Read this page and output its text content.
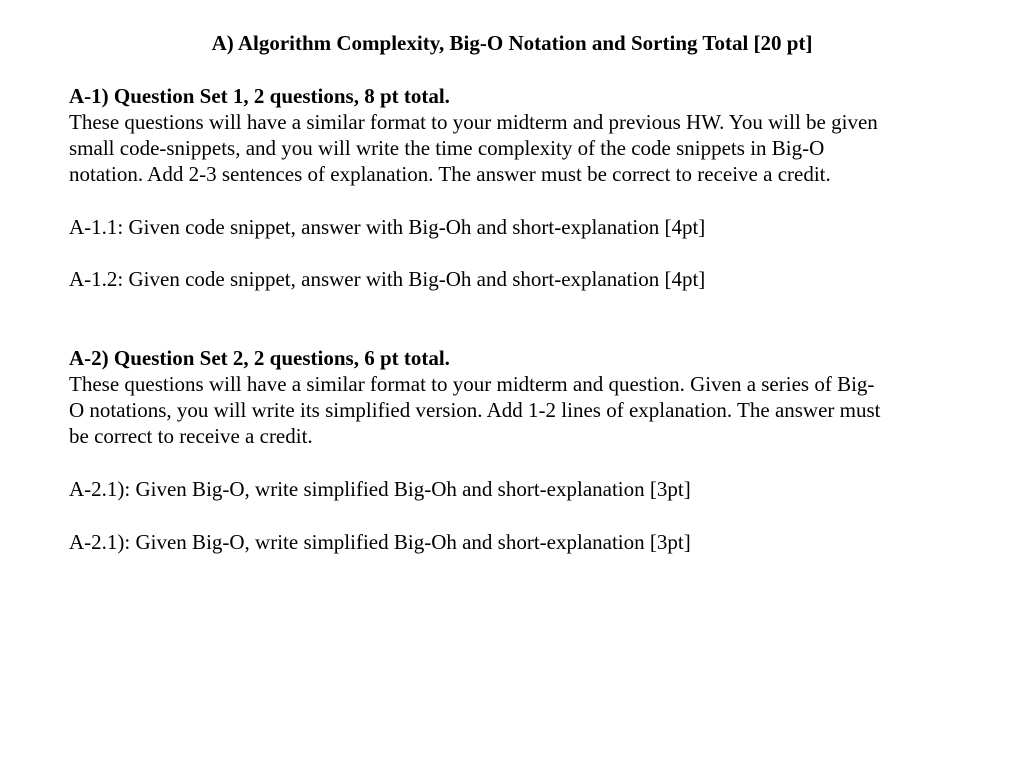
A) Algorithm Complexity, Big-O Notation and Sorting Total [20 pt]
A-1) Question Set 1, 2 questions, 8 pt total.
These questions will have a similar format to your midterm and previous HW. You will be given
small code-snippets, and you will write the time complexity of the code snippets in Big-O
notation. Add 2-3 sentences of explanation. The answer must be correct to receive a credit.
A-1.1: Given code snippet, answer with Big-Oh and short-explanation [4pt]
A-1.2: Given code snippet, answer with Big-Oh and short-explanation [4pt]
A-2) Question Set 2, 2 questions, 6 pt total.
These questions will have a similar format to your midterm and question. Given a series of Big-
O notations, you will write its simplified version. Add 1-2 lines of explanation. The answer must
be correct to receive a credit.
A-2.1): Given Big-O, write simplified Big-Oh and short-explanation [3pt]
A-2.1): Given Big-O, write simplified Big-Oh and short-explanation [3pt]
